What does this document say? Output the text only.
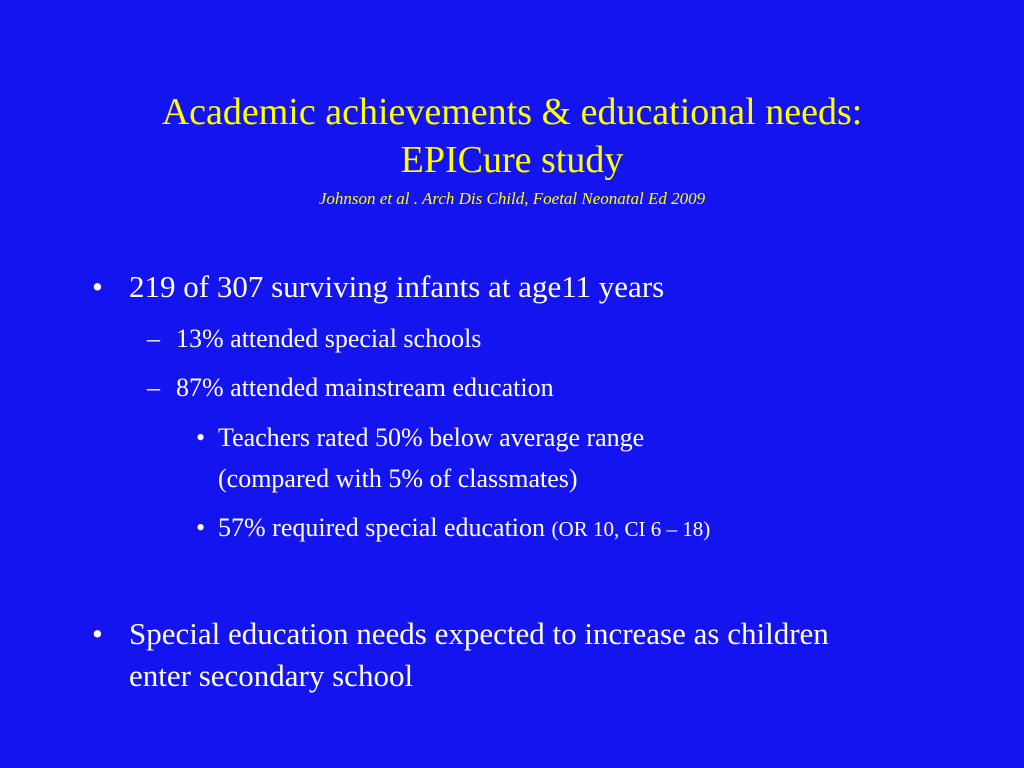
Academic achievements & educational needs:
EPICure study
Johnson et al . Arch Dis Child, Foetal Neonatal Ed 2009
• 219 of 307 surviving infants at age11 years
– 13% attended special schools
– 87% attended mainstream education
• Teachers rated 50% below average range
(compared with 5% of classmates)
• 57% required special education (OR 10, CI 6 – 18)
• Special education needs expected to increase as children
enter secondary school
